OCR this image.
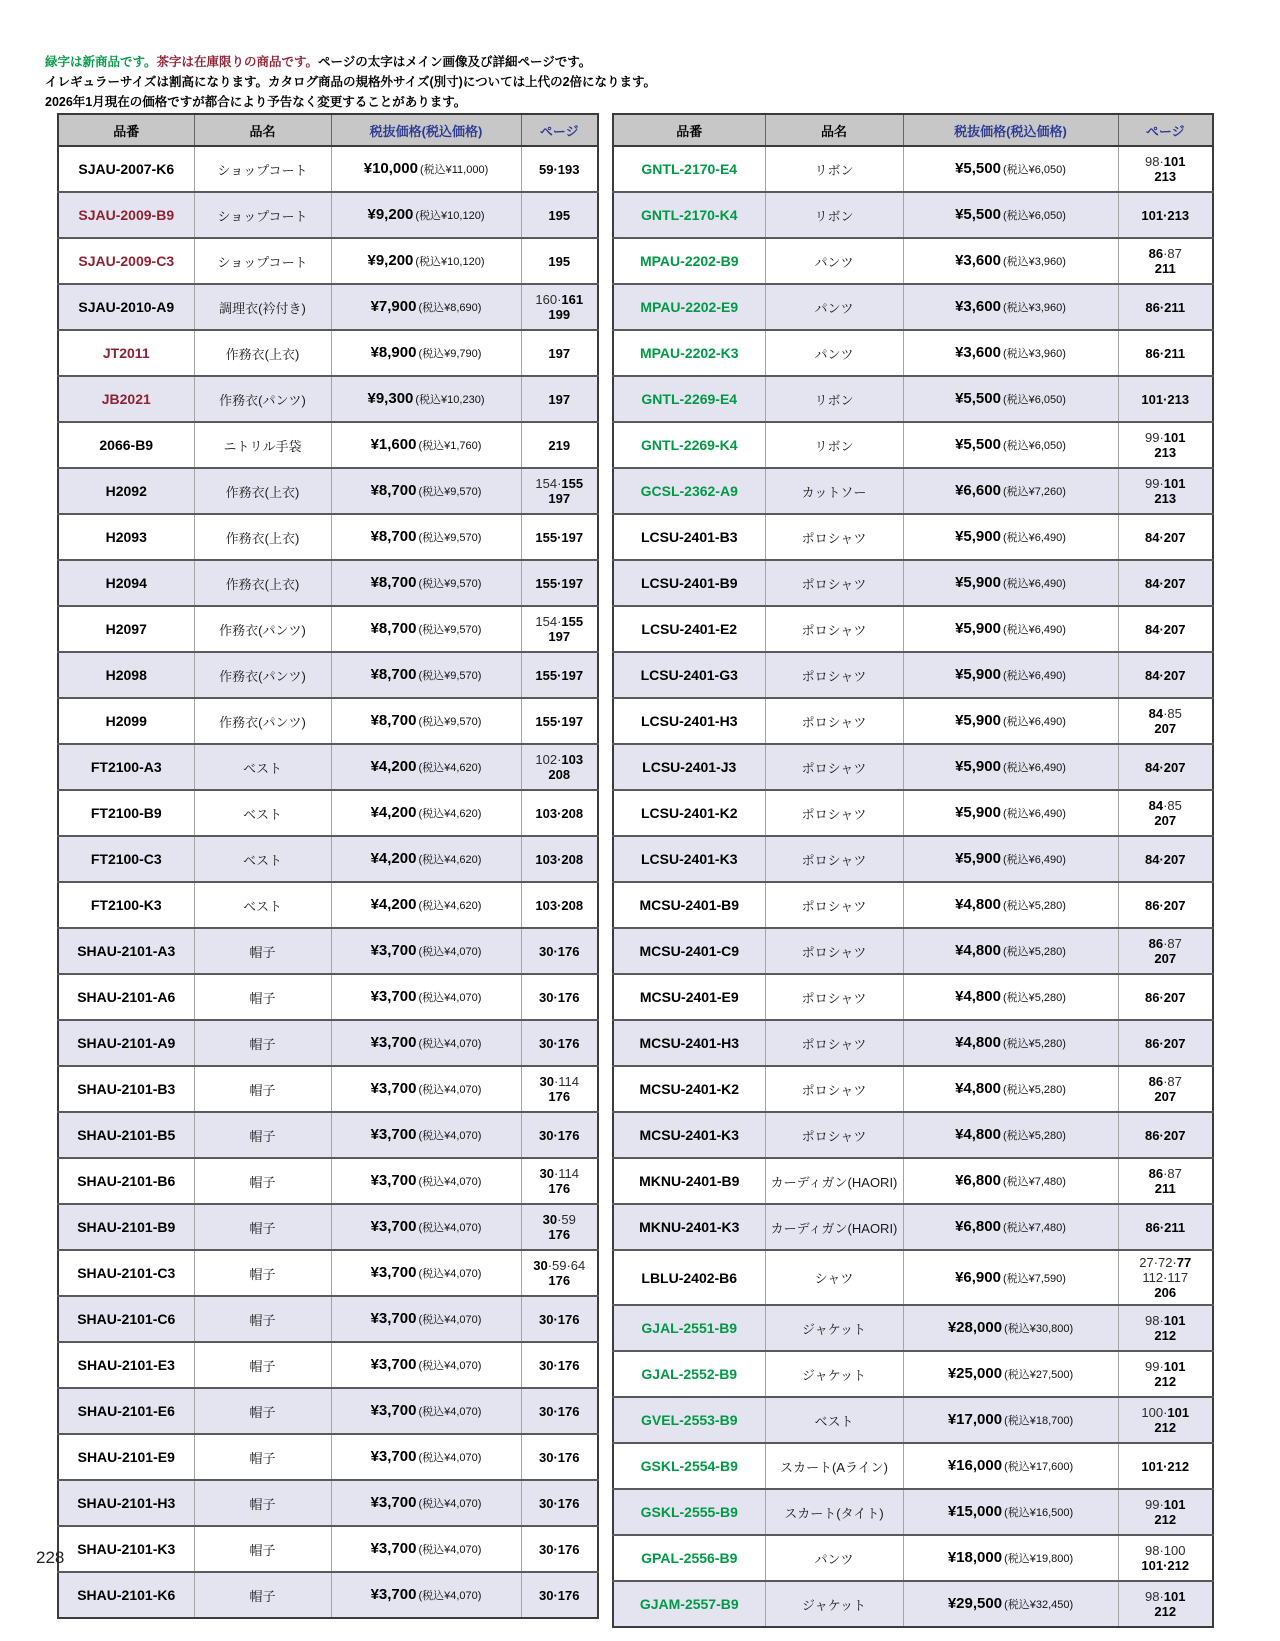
緑字は新商品です。茶字は在庫限りの商品です。ページの太字はメイン画像及び詳細ページです。
イレギュラーサイズは割高になります。カタログ商品の規格外サイズ(別寸)については上代の2倍になります。
2026年1月現在の価格ですが都合により予告なく変更することがあります。
品番	品名	税抜価格(税込価格)	ページ
SJAU-2007-K6	ショップコート	¥10,000 (税込¥11,000)	59·193

SJAU-2009-B9	ショップコート	¥9,200 (税込¥10,120)	195

SJAU-2009-C3	ショップコート	¥9,200 (税込¥10,120)	195

SJAU-2010-A9	調理衣(衿付き)	¥7,900 (税込¥8,690)	160·161
199

JT2011	作務衣(上衣)	¥8,900 (税込¥9,790)	197

JB2021	作務衣(パンツ)	¥9,300 (税込¥10,230)	197

2066-B9	ニトリル手袋	¥1,600 (税込¥1,760)	219

H2092	作務衣(上衣)	¥8,700 (税込¥9,570)	154·155
197

H2093	作務衣(上衣)	¥8,700 (税込¥9,570)	155·197

H2094	作務衣(上衣)	¥8,700 (税込¥9,570)	155·197

H2097	作務衣(パンツ)	¥8,700 (税込¥9,570)	154·155
197

H2098	作務衣(パンツ)	¥8,700 (税込¥9,570)	155·197

H2099	作務衣(パンツ)	¥8,700 (税込¥9,570)	155·197

FT2100-A3	ベスト	¥4,200 (税込¥4,620)	102·103
208

FT2100-B9	ベスト	¥4,200 (税込¥4,620)	103·208

FT2100-C3	ベスト	¥4,200 (税込¥4,620)	103·208

FT2100-K3	ベスト	¥4,200 (税込¥4,620)	103·208

SHAU-2101-A3	帽子	¥3,700 (税込¥4,070)	30·176

SHAU-2101-A6	帽子	¥3,700 (税込¥4,070)	30·176

SHAU-2101-A9	帽子	¥3,700 (税込¥4,070)	30·176

SHAU-2101-B3	帽子	¥3,700 (税込¥4,070)	30·114
176

SHAU-2101-B5	帽子	¥3,700 (税込¥4,070)	30·176

SHAU-2101-B6	帽子	¥3,700 (税込¥4,070)	30·114
176

SHAU-2101-B9	帽子	¥3,700 (税込¥4,070)	30·59
176

SHAU-2101-C3	帽子	¥3,700 (税込¥4,070)	30·59·64
176

SHAU-2101-C6	帽子	¥3,700 (税込¥4,070)	30·176

SHAU-2101-E3	帽子	¥3,700 (税込¥4,070)	30·176

SHAU-2101-E6	帽子	¥3,700 (税込¥4,070)	30·176

SHAU-2101-E9	帽子	¥3,700 (税込¥4,070)	30·176

SHAU-2101-H3	帽子	¥3,700 (税込¥4,070)	30·176

SHAU-2101-K3	帽子	¥3,700 (税込¥4,070)	30·176

SHAU-2101-K6	帽子	¥3,700 (税込¥4,070)	30·176
品番	品名	税抜価格(税込価格)	ページ
GNTL-2170-E4	リボン	¥5,500 (税込¥6,050)	98·101
213

GNTL-2170-K4	リボン	¥5,500 (税込¥6,050)	101·213

MPAU-2202-B9	パンツ	¥3,600 (税込¥3,960)	86·87
211

MPAU-2202-E9	パンツ	¥3,600 (税込¥3,960)	86·211

MPAU-2202-K3	パンツ	¥3,600 (税込¥3,960)	86·211

GNTL-2269-E4	リボン	¥5,500 (税込¥6,050)	101·213

GNTL-2269-K4	リボン	¥5,500 (税込¥6,050)	99·101
213

GCSL-2362-A9	カットソー	¥6,600 (税込¥7,260)	99·101
213

LCSU-2401-B3	ポロシャツ	¥5,900 (税込¥6,490)	84·207

LCSU-2401-B9	ポロシャツ	¥5,900 (税込¥6,490)	84·207

LCSU-2401-E2	ポロシャツ	¥5,900 (税込¥6,490)	84·207

LCSU-2401-G3	ポロシャツ	¥5,900 (税込¥6,490)	84·207

LCSU-2401-H3	ポロシャツ	¥5,900 (税込¥6,490)	84·85
207

LCSU-2401-J3	ポロシャツ	¥5,900 (税込¥6,490)	84·207

LCSU-2401-K2	ポロシャツ	¥5,900 (税込¥6,490)	84·85
207

LCSU-2401-K3	ポロシャツ	¥5,900 (税込¥6,490)	84·207

MCSU-2401-B9	ポロシャツ	¥4,800 (税込¥5,280)	86·207

MCSU-2401-C9	ポロシャツ	¥4,800 (税込¥5,280)	86·87
207

MCSU-2401-E9	ポロシャツ	¥4,800 (税込¥5,280)	86·207

MCSU-2401-H3	ポロシャツ	¥4,800 (税込¥5,280)	86·207

MCSU-2401-K2	ポロシャツ	¥4,800 (税込¥5,280)	86·87
207

MCSU-2401-K3	ポロシャツ	¥4,800 (税込¥5,280)	86·207

MKNU-2401-B9	カーディガン(HAORI)	¥6,800 (税込¥7,480)	86·87
211

MKNU-2401-K3	カーディガン(HAORI)	¥6,800 (税込¥7,480)	86·211

LBLU-2402-B6	シャツ	¥6,900 (税込¥7,590)	27·72·77
112·117
206

GJAL-2551-B9	ジャケット	¥28,000 (税込¥30,800)	98·101
212

GJAL-2552-B9	ジャケット	¥25,000 (税込¥27,500)	99·101
212

GVEL-2553-B9	ベスト	¥17,000 (税込¥18,700)	100·101
212

GSKL-2554-B9	スカート(Aライン)	¥16,000 (税込¥17,600)	101·212

GSKL-2555-B9	スカート(タイト)	¥15,000 (税込¥16,500)	99·101
212

GPAL-2556-B9	パンツ	¥18,000 (税込¥19,800)	98·100
101·212

GJAM-2557-B9	ジャケット	¥29,500 (税込¥32,450)	98·101
212
228
